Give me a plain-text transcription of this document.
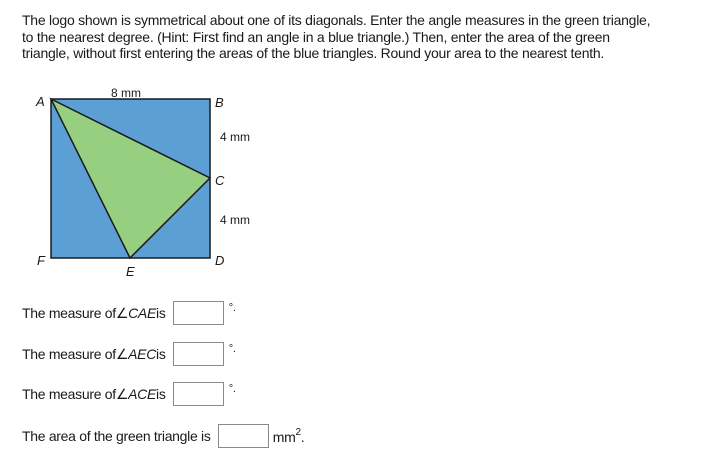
The logo shown is symmetrical about one of its diagonals. Enter the angle measures in the green triangle,

to the nearest degree. (Hint: First find an angle in a blue triangle.) Then, enter the area of the green

triangle, without first entering the areas of the blue triangles. Round your area to the nearest tenth.

A	B
C
D
E
F
8 mm
4 mm
4 mm
The measure of∠CAEis	°.
The measure of∠AECis	°.
The measure of∠ACEis	°.
The area of the green triangle is	$mm^2$.
